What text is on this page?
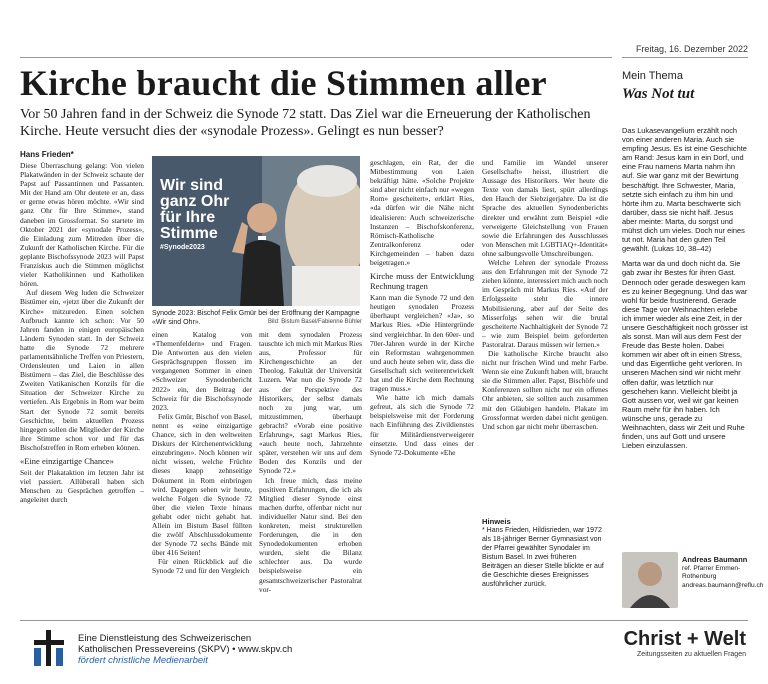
Freitag, 16. Dezember 2022
Kirche braucht die Stimmen aller
Vor 50 Jahren fand in der Schweiz die Synode 72 statt. Das Ziel war die Erneuerung der Katholischen Kirche. Heute versucht dies der «synodale Prozess». Gelingt es nun besser?
Hans Frieden*

Diese Überraschung gelang: Von vielen Plakatwänden in der Schweiz schaute der Papst auf Passantinnen und Passanten. Mit der Hand am Ohr deutete er an, dass er gerne etwas hören möchte. «Wir sind ganz Ohr für Ihre Stimme», stand daneben im Grossformat. So startete im Oktober 2021 der «synodale Prozess», die Einladung zum Mitreden über die Zukunft der Katholischen Kirche. Für die geplante Bischofssynode 2023 will Papst Franziskus auch die Stimmen möglichst vieler Katholikinnen und Katholiken hören.

Auf diesem Weg luden die Schweizer Bistümer ein, «jetzt über die Zukunft der Kirche» mitzureden. Einen solchen Aufbruch kannte ich schon: Vor 50 Jahren fanden in einigen europäischen Ländern Synoden statt. In der Schweiz hatte die Synode 72 mehrere parlamentsähnliche Treffen von Priestern, Ordensleuten und Laien in allen Bistümern – das Ziel, die Beschlüsse des Zweiten Vatikanischen Konzils für die Situation der Schweizer Kirche zu vertiefen. Als Ergebnis in Rom war beim Start der Synode 72 somit bereits Geschichte, beim aktuellen Prozess hingegen sollen die Mitglieder der Kirche ihre Stimme schon vor und für das Bischofstreffen in Rom erheben können.

«Eine einzigartige Chance»

Seit der Plakataktion im letzten Jahr ist viel passiert. Allüberall haben sich Menschen zu Gesprächen getroffen – angeleitet durch

Wir sind ganz Ohr für Ihre Stimme
#Synode2023
Synode 2023: Bischof Felix Gmür bei der Eröffnung der Kampagne «Wir sind Ohr».	Bild: Bistum Basel/Fabienne Bühler

einen Katalog von «Themenfeldern» und Fragen. Die Antworten aus den vielen Gesprächsgruppen flossen im vergangenen Sommer in einen «Schweizer Synodenbericht 2022» ein, den Beitrag der Schweiz für die Bischofssynode 2023.

Felix Gmür, Bischof von Basel, nennt es «eine einzigartige Chance, sich in den weltweiten Diskurs der Kirchenentwicklung einzubringen». Noch können wir nicht wissen, welche Früchte dieses knapp zehnseitige Dokument in Rom einbringen wird. Dagegen sehen wir heute, welche Folgen die Synode 72 über die vielen Texte hinaus gehabt oder nicht gehabt hat. Allein im Bistum Basel füllten die zwölf Abschlussdokumente der Synode 72 sechs Bände mit über 416 Seiten!

Für einen Rückblick auf die Synode 72 und für den Vergleich

mit dem synodalen Prozess tauschte ich mich mit Markus Ries aus, Professor für Kirchengeschichte an der Theolog. Fakultät der Universität Luzern. War nun die Synode 72 aus der Perspektive des Historikers, der selbst damals noch zu jung war, um mitzustimmen, überhaupt gebracht? «Vorab eine positive Erfahrung», sagt Markus Ries, «auch heute noch, Jahrzehnte später, verstehen wir uns auf dem Boden des Konzils und der Synode 72.»

Ich freue mich, dass meine positiven Erfahrungen, die ich als Mitglied dieser Synode einst machen durfte, offenbar nicht nur individueller Natur sind. Bei den konkreten, meist strukturellen Forderungen, die in den Synodedokumenten erhoben wurden, sieht die Bilanz schlechter aus. Da wurde beispielsweise ein gesamtschweizerischer Pastoralrat vor-

geschlagen, ein Rat, der die Mitbestimmung von Laien bekräftigt hätte. «Solche Projekte sind aber nicht einfach nur «wegen Rom» gescheitert», erklärt Ries, «da dürfen wir die Nähe nicht idealisieren: Auch schweizerische Instanzen – Bischofskonferenz, Römisch-Katholische Zentralkonferenz oder Kirchgemeinden – haben dazu beigetragen.»

Kirche muss der Entwicklung Rechnung tragen

Kann man die Synode 72 und den heutigen synodalen Prozess überhaupt vergleichen? «Ja», so Markus Ries. «Die Hintergründe sind vergleichbar. In den 60er- und 70er-Jahren wurde in der Kirche ein Reformstau wahrgenommen und auch heute sehen wir, dass die Gesellschaft sich weiterentwickelt hat und die Kirche dem Rechnung tragen muss.»

Wie hatte ich mich damals gefreut, als sich die Synode 72 beispielsweise mit der Forderung nach Einführung des Zivildienstes für Militärdienstverweigerer einsetzte. Und dass eines der Synode 72-Dokumente «Ehe

und Familie im Wandel unserer Gesellschaft» heisst, illustriert die Aussage des Historikers. Wer heute die Texte von damals liest, spürt allerdings den Hauch der Siebzigerjahre. Da ist die Sprache des aktuellen Synodenberichts direkter und erwähnt zum Beispiel «die verweigerte Gleichstellung von Frauen sowie die Erfahrungen des Ausschlusses von Menschen mit LGBTIAQ+-Identität» ohne salbungsvolle Umschreibungen.

Welche Lehren der synodale Prozess aus den Erfahrungen mit der Synode 72 ziehen könnte, interessiert mich auch noch im Gespräch mit Markus Ries. «Auf der Erfolgsseite steht die innere Mobilisierung, aber auf der Seite des Misserfolgs sehen wir die brutal gescheiterte Nachhaltigkeit der Synode 72 – wie zum Beispiel beim geforderten Pastoralrat. Daraus müssen wir lernen.»

Die katholische Kirche braucht also nicht nur frischen Wind und mehr Farbe. Wenn sie eine Zukunft haben will, braucht sie die Stimmen aller. Papst, Bischöfe und Konferenzen sollten nicht nur ein offenes Ohr anbieten, sie sollten auch zusammen mit den Gläubigen handeln. Plakate im Grossformat werden dabei nicht genügen. Und schon gar nicht mehr überraschen.

Hinweis
* Hans Frieden, Hildisrieden, war 1972 als 18-jähriger Berner Gymnasiast von der Pfarrei gewählter Synodaler im Bistum Basel. In zwei früheren Beiträgen an dieser Stelle blickte er auf die Geschichte dieses Ereignisses ausführlicher zurück.
Mein Thema
Was Not tut

Das Lukasevangelium erzählt noch von einer anderen Maria. Auch sie empfing Jesus. Es ist eine Geschichte am Rand: Jesus kam in ein Dorf, und eine Frau namens Marta nahm ihn auf. Sie war ganz mit der Bewirtung beschäftigt. Ihre Schwester, Maria, setzte sich einfach zu ihm hin und hörte ihm zu. Marta beschwerte sich darüber, dass sie nicht half. Jesus aber meinte: Marta, du sorgst und mühst dich um vieles. Doch nur eines tut not. Maria hat den guten Teil gewählt. (Lukas 10, 38–42)

Marta war da und doch nicht da. Sie gab zwar ihr Bestes für ihren Gast. Dennoch oder gerade deswegen kam es zu keiner Begegnung. Und das war wohl für beide frustrierend. Gerade diese Tage vor Weihnachten erlebe ich immer wieder als eine Zeit, in der unsere Geschäftigkeit noch grösser ist als sonst. Man will aus dem Fest der Freude das Beste holen. Dabei kommen wir aber oft in einen Stress, und das Eigentliche geht verloren. In unseren Machen sind wir nicht mehr offen dafür, was letztlich nur geschehen kann. Vielleicht bleibt ja Gott aussen vor, weil wir gar keinen Raum mehr für ihn haben. Ich wünsche uns, gerade zu Weihnachten, dass wir Zeit und Ruhe finden, uns auf Gott und unsere Lieben einzulassen.

Andreas Baumann
ref. Pfarrer Emmen-Rothenburg
andreas.baumann@reflu.ch
Eine Dienstleistung des Schweizerischen
Katholischen Pressevereins (SKPV) • www.skpv.ch
fördert christliche Medienarbeit
Christ + Welt
Zeitungsseiten zu aktuellen Fragen
